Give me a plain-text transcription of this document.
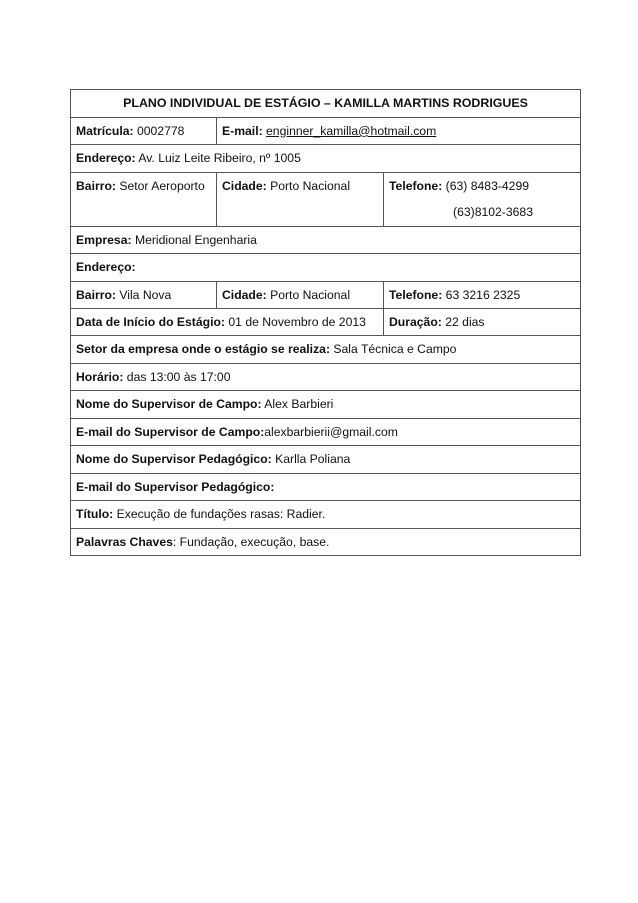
PLANO INDIVIDUAL DE ESTÁGIO – KAMILLA MARTINS RODRIGUES		
Matrícula: 0002778	E-mail: enginner_kamilla@hotmail.com	
Endereço: Av. Luiz Leite Ribeiro, nº 1005		
Bairro: Setor Aeroporto	Cidade: Porto Nacional	Telefone: (63) 8483-4299
(63)8102-3683

Empresa: Meridional Engenharia		
Endereço:		
Bairro: Vila Nova	Cidade: Porto Nacional	Telefone: 63 3216 2325
Data de Início do Estágio: 01 de Novembro de 2013		Duração: 22 dias
Setor da empresa onde o estágio se realiza: Sala Técnica e Campo		
Horário: das 13:00 às 17:00		
Nome do Supervisor de Campo: Alex Barbieri		
E-mail do Supervisor de Campo:alexbarbierii@gmail.com		
Nome do Supervisor Pedagógico: Karlla Poliana		
E-mail do Supervisor Pedagógico:		
Título: Execução de fundações rasas: Radier.		
Palavras Chaves: Fundação, execução, base.		
